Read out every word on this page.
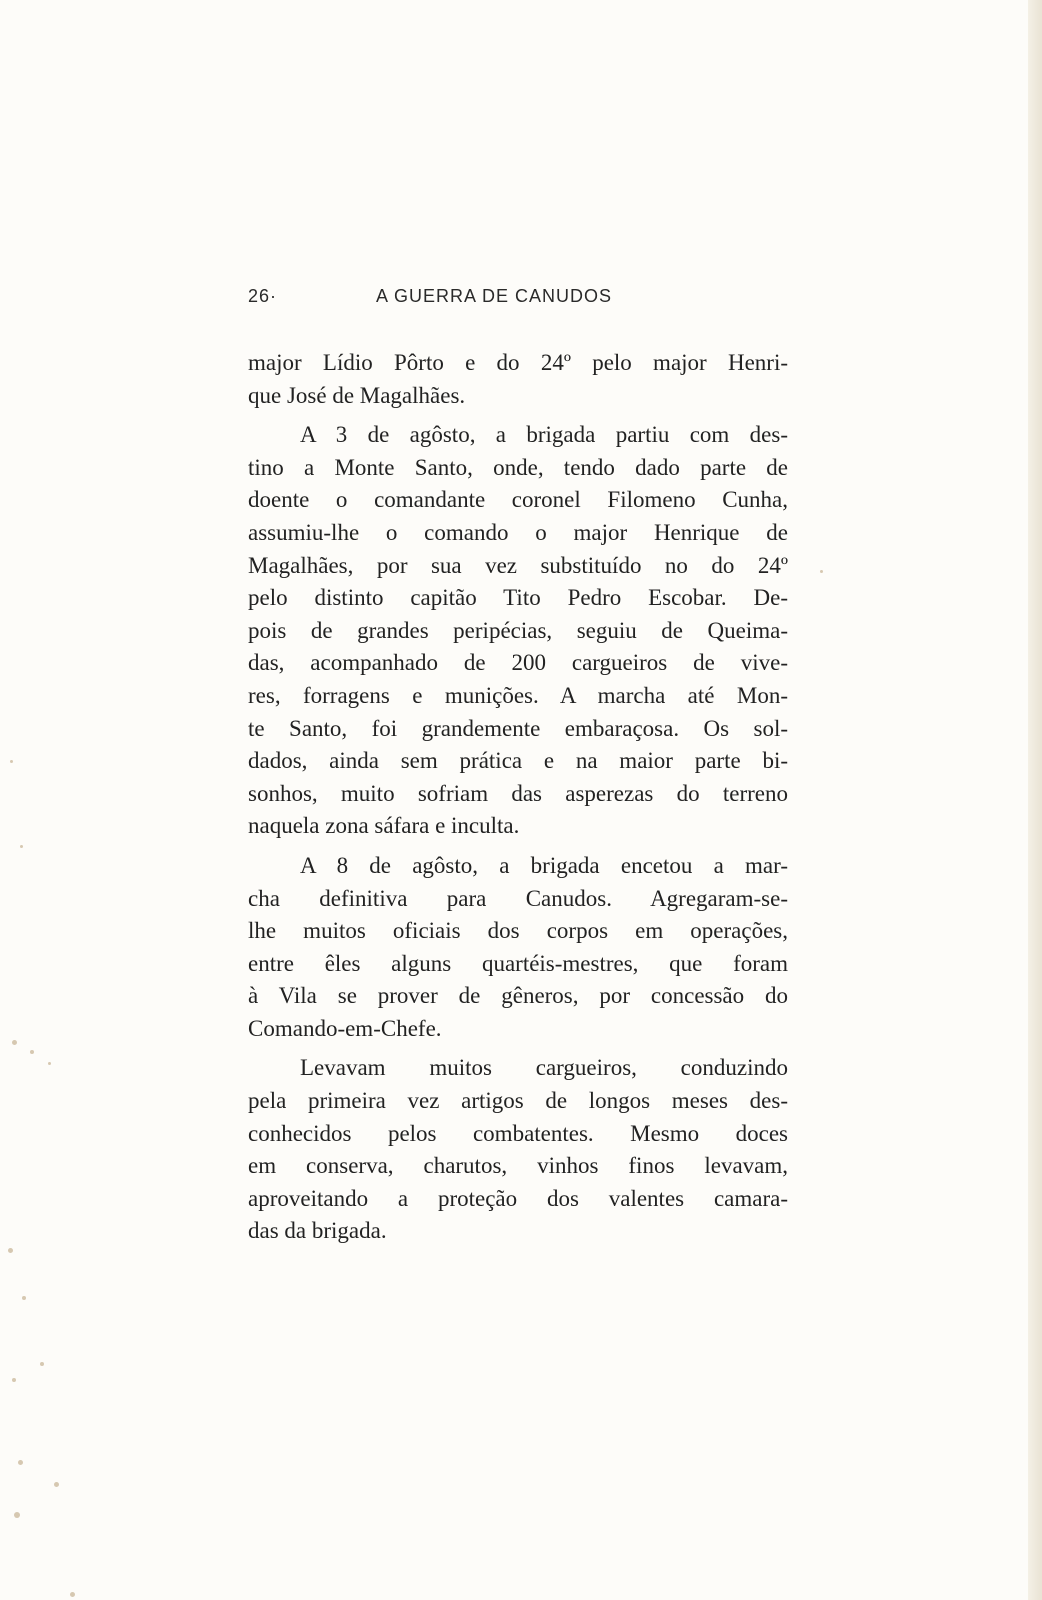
26·	A GUERRA DE CANUDOS
major Lídio Pôrto e do 24º pelo major Henri-
que José de Magalhães.
A 3 de agôsto, a brigada partiu com des-
tino a Monte Santo, onde, tendo dado parte de
doente o comandante coronel Filomeno Cunha,
assumiu-lhe o comando o major Henrique de
Magalhães, por sua vez substituído no do 24º
pelo distinto capitão Tito Pedro Escobar. De-
pois de grandes peripécias, seguiu de Queima-
das, acompanhado de 200 cargueiros de vive-
res, forragens e munições. A marcha até Mon-
te Santo, foi grandemente embaraçosa. Os sol-
dados, ainda sem prática e na maior parte bi-
sonhos, muito sofriam das asperezas do terreno
naquela zona sáfara e inculta.
A 8 de agôsto, a brigada encetou a mar-
cha definitiva para Canudos. Agregaram-se-
lhe muitos oficiais dos corpos em operações,
entre êles alguns quartéis-mestres, que foram
à Vila se prover de gêneros, por concessão do
Comando-em-Chefe.
Levavam muitos cargueiros, conduzindo
pela primeira vez artigos de longos meses des-
conhecidos pelos combatentes. Mesmo doces
em conserva, charutos, vinhos finos levavam,
aproveitando a proteção dos valentes camara-
das da brigada.
